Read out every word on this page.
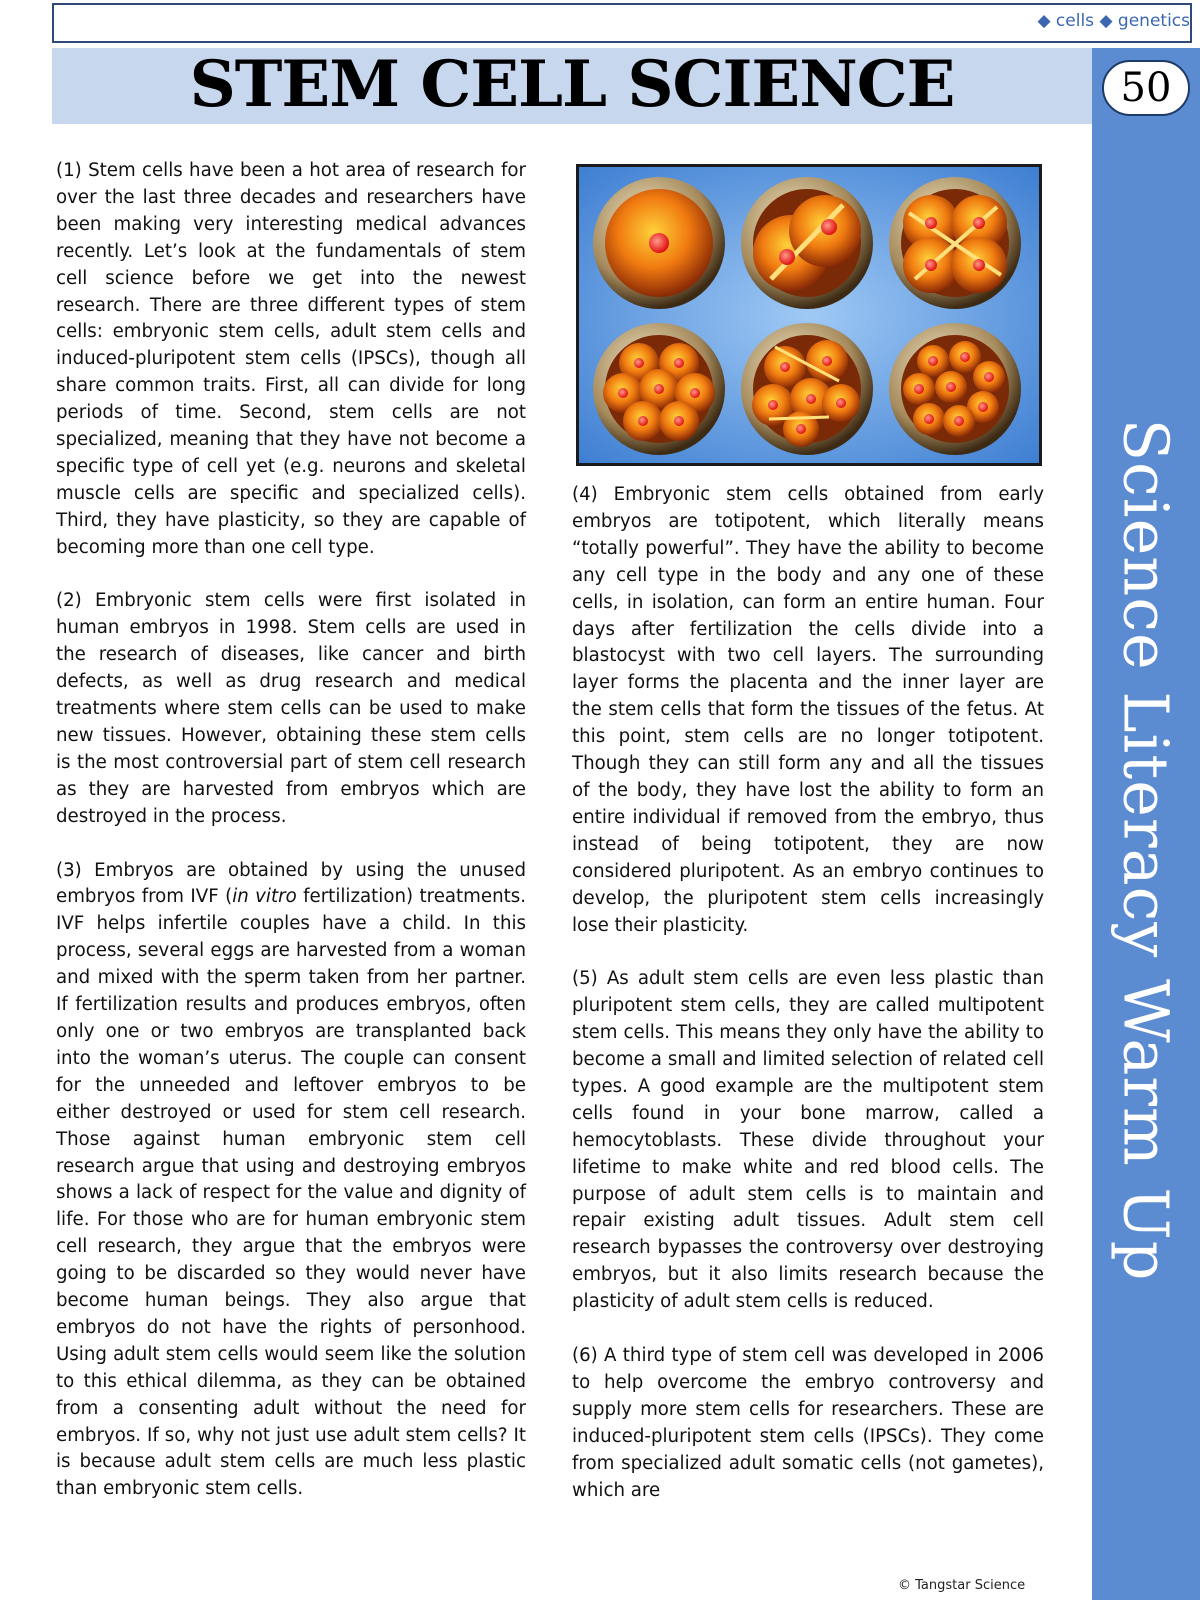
◆ cells ◆ genetics
STEM CELL SCIENCE	50
Science Literacy Warm Up

(1) Stem cells have been a hot area of research for over the last three decades and researchers have been making very interesting medical advances recently. Let’s look at the fundamentals of stem cell science before we get into the newest research. There are three different types of stem cells: embryonic stem cells, adult stem cells and induced-pluripotent stem cells (IPSCs), though all share common traits. First, all can divide for long periods of time. Second, stem cells are not specialized, meaning that they have not become a specific type of cell yet (e.g. neurons and skeletal muscle cells are specific and specialized cells). Third, they have plasticity, so they are capable of becoming more than one cell type.

(2) Embryonic stem cells were first isolated in human embryos in 1998. Stem cells are used in the research of diseases, like cancer and birth defects, as well as drug research and medical treatments where stem cells can be used to make new tissues. However, obtaining these stem cells is the most controversial part of stem cell research as they are harvested from embryos which are destroyed in the process.

(3) Embryos are obtained by using the unused embryos from IVF (in vitro fertilization) treatments. IVF helps infertile couples have a child. In this process, several eggs are harvested from a woman and mixed with the sperm taken from her partner. If fertilization results and produces embryos, often only one or two embryos are transplanted back into the woman’s uterus. The couple can consent for the unneeded and leftover embryos to be either destroyed or used for stem cell research. Those against human embryonic stem cell research argue that using and destroying embryos shows a lack of respect for the value and dignity of life. For those who are for human embryonic stem cell research, they argue that the embryos were going to be discarded so they would never have become human beings. They also argue that embryos do not have the rights of personhood. Using adult stem cells would seem like the solution to this ethical dilemma, as they can be obtained from a consenting adult without the need for embryos. If so, why not just use adult stem cells? It is because adult stem cells are much less plastic than embryonic stem cells.

(4) Embryonic stem cells obtained from early embryos are totipotent, which literally means “totally powerful”. They have the ability to become any cell type in the body and any one of these cells, in isolation, can form an entire human. Four days after fertilization the cells divide into a blastocyst with two cell layers. The surrounding layer forms the placenta and the inner layer are the stem cells that form the tissues of the fetus. At this point, stem cells are no longer totipotent. Though they can still form any and all the tissues of the body, they have lost the ability to form an entire individual if removed from the embryo, thus instead of being totipotent, they are now considered pluripotent. As an embryo continues to develop, the pluripotent stem cells increasingly lose their plasticity.

(5) As adult stem cells are even less plastic than pluripotent stem cells, they are called multipotent stem cells. This means they only have the ability to become a small and limited selection of related cell types. A good example are the multipotent stem cells found in your bone marrow, called a hemocytoblasts. These divide throughout your lifetime to make white and red blood cells. The purpose of adult stem cells is to maintain and repair existing adult tissues. Adult stem cell research bypasses the controversy over destroying embryos, but it also limits research because the plasticity of adult stem cells is reduced.

(6) A third type of stem cell was developed in 2006 to help overcome the embryo controversy and supply more stem cells for researchers. These are induced-pluripotent stem cells (IPSCs). They come from specialized adult somatic cells (not gametes), which are

© Tangstar Science
